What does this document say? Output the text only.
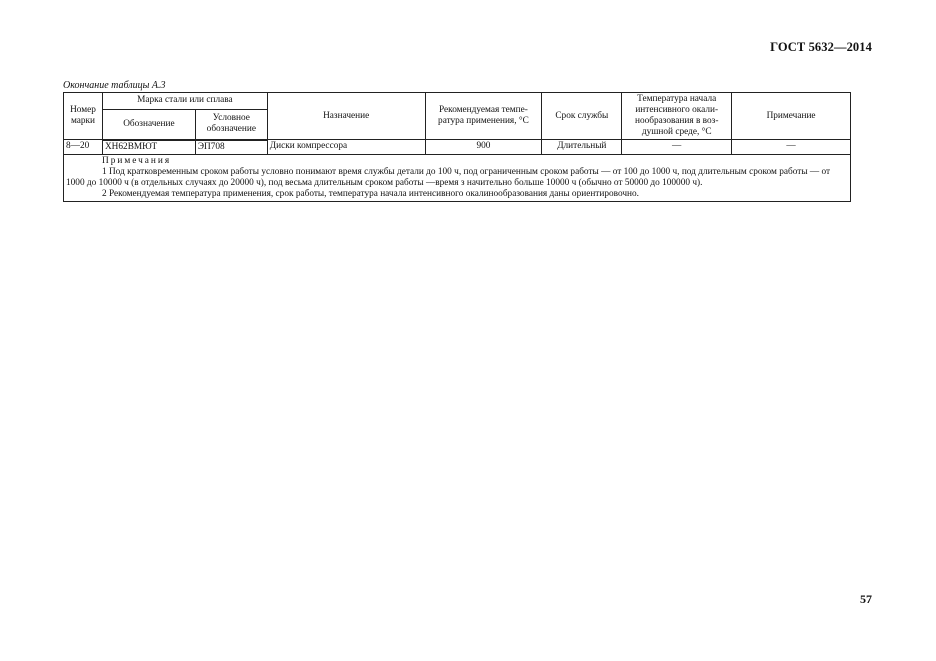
ГОСТ 5632—2014
Окончание таблицы А.3
Номер марки	Марка стали или сплава		Назначение	Рекомендуемая темпе-ратура применения, °С	Срок службы	Температура начала интенсивного окали-нообразования в воз-душной среде, °С	Примечание
	Обозначение	Условное обозначение					
8—20	ХН62ВМЮТ	ЭП708	Диски компрессора	900	Длительный	—	—

Примечания

1 Под кратковременным сроком работы условно понимают время службы детали до 100 ч, под ограниченным сроком работы — от 100 до 1000 ч, под длительным сроком работы — от 1000 до 10000 ч (в отдельных случаях до 20000 ч), под весьма длительным сроком работы —время з начительно больше 10000 ч (обычно от 50000 до 100000 ч).

2 Рекомендуемая температура применения, срок работы, температура начала интенсивного окалинообразования даны ориентировочно.							

57
